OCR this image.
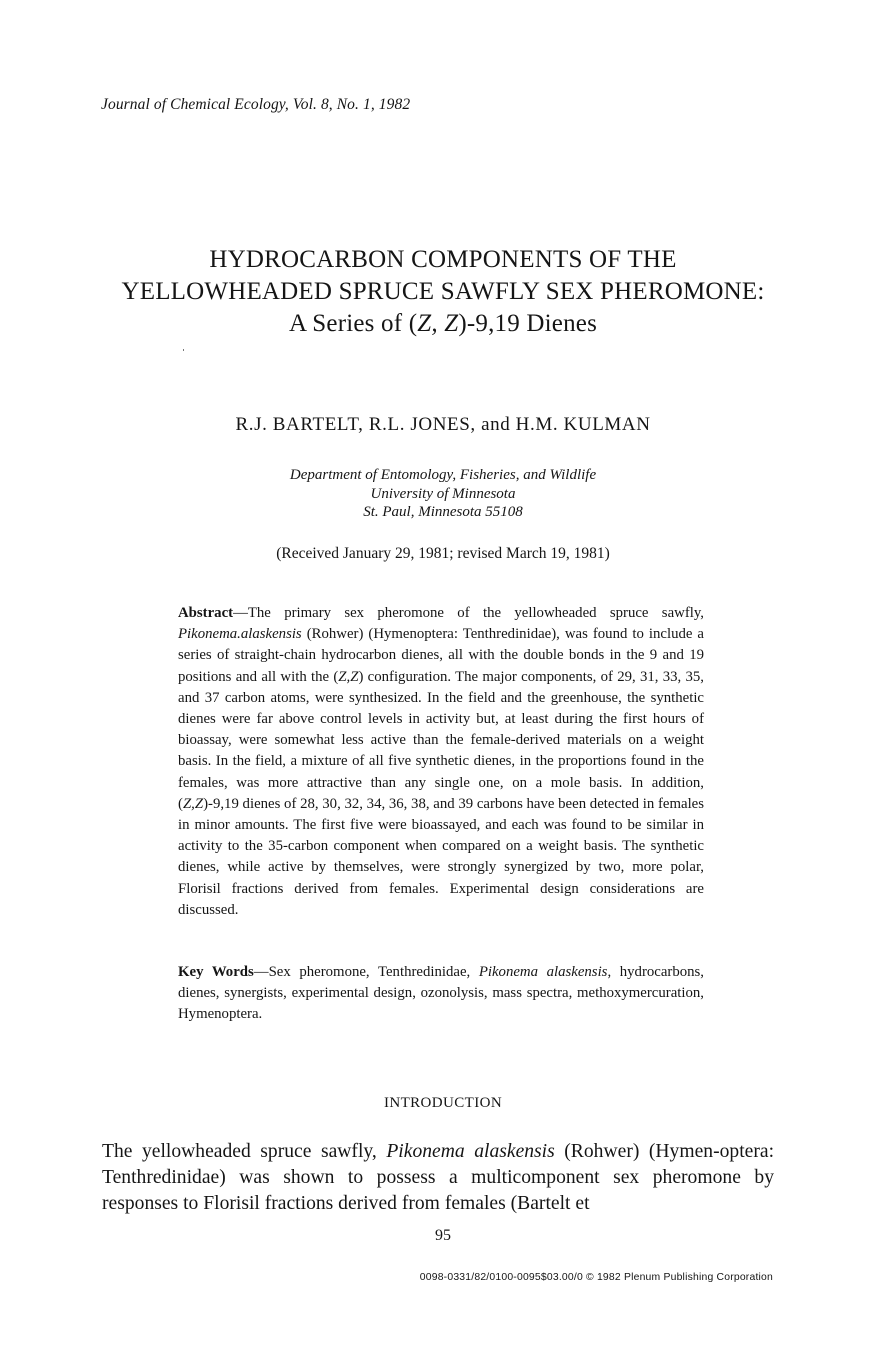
Journal of Chemical Ecology, Vol. 8, No. 1, 1982
HYDROCARBON COMPONENTS OF THE
YELLOWHEADED SPRUCE SAWFLY SEX PHEROMONE:
A Series of (Z, Z)-9,19 Dienes
R.J. BARTELT, R.L. JONES, and H.M. KULMAN
Department of Entomology, Fisheries, and Wildlife
University of Minnesota
St. Paul, Minnesota 55108
(Received January 29, 1981; revised March 19, 1981)
Abstract—The primary sex pheromone of the yellowheaded spruce sawfly, Pikonema.alaskensis (Rohwer) (Hymenoptera: Tenthredinidae), was found to include a series of straight-chain hydrocarbon dienes, all with the double bonds in the 9 and 19 positions and all with the (Z,Z) configuration. The major components, of 29, 31, 33, 35, and 37 carbon atoms, were synthesized. In the field and the greenhouse, the synthetic dienes were far above control levels in activity but, at least during the first hours of bioassay, were somewhat less active than the female-derived materials on a weight basis. In the field, a mixture of all five synthetic dienes, in the proportions found in the females, was more attractive than any single one, on a mole basis. In addition, (Z,Z)-9,19 dienes of 28, 30, 32, 34, 36, 38, and 39 carbons have been detected in females in minor amounts. The first five were bioassayed, and each was found to be similar in activity to the 35-carbon component when compared on a weight basis. The synthetic dienes, while active by themselves, were strongly synergized by two, more polar, Florisil fractions derived from females. Experimental design considerations are discussed.
Key Words—Sex pheromone, Tenthredinidae, Pikonema alaskensis, hydrocarbons, dienes, synergists, experimental design, ozonolysis, mass spectra, methoxymercuration, Hymenoptera.
INTRODUCTION
The yellowheaded spruce sawfly, Pikonema alaskensis (Rohwer) (Hymen-optera: Tenthredinidae) was shown to possess a multicomponent sex pheromone by responses to Florisil fractions derived from females (Bartelt et
95
0098-0331/82/0100-0095$03.00/0 © 1982 Plenum Publishing Corporation
